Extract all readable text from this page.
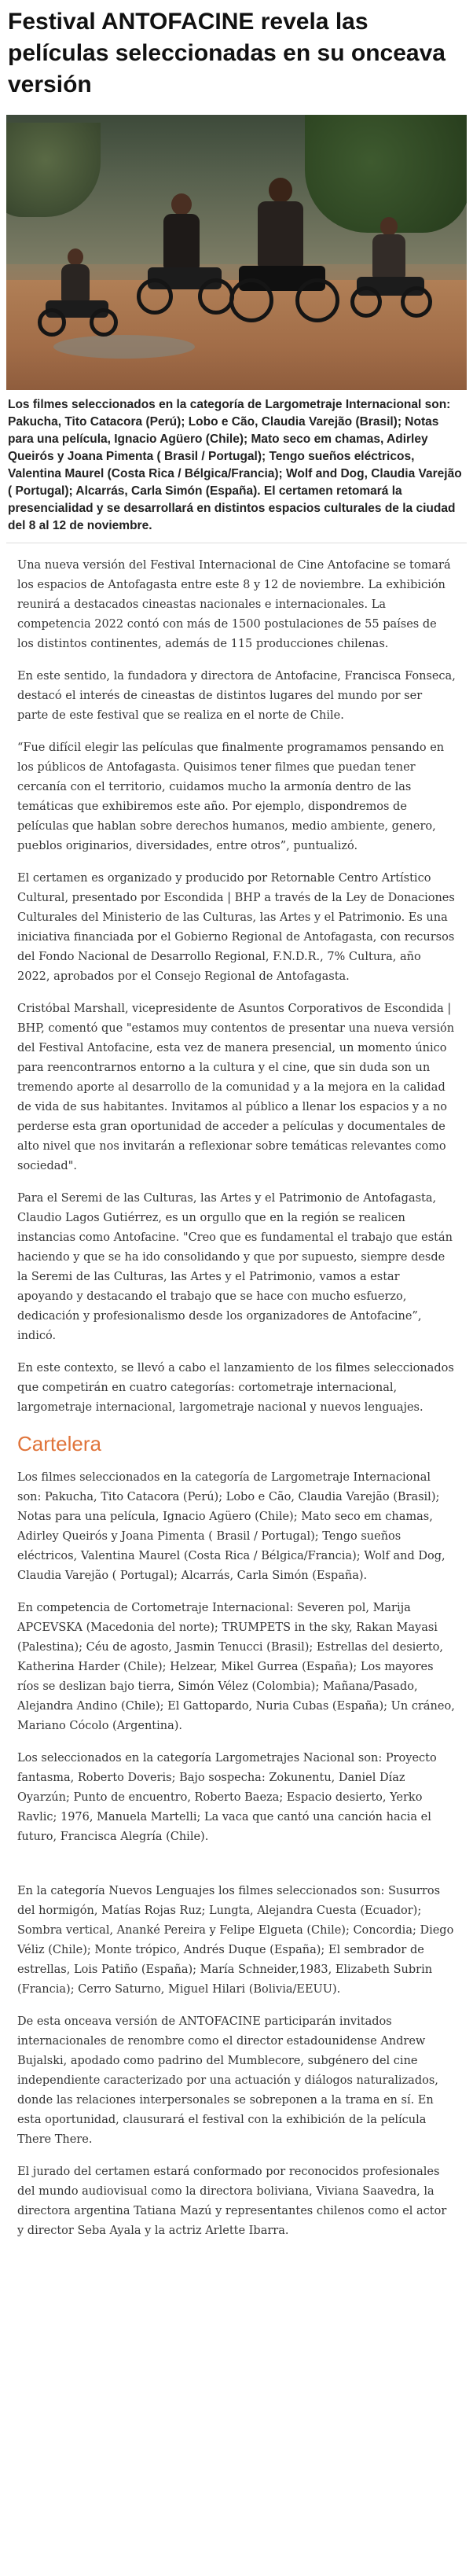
Festival ANTOFACINE revela las películas seleccionadas en su onceava versión

Los filmes seleccionados en la categoría de Largometraje Internacional son: Pakucha, Tito Catacora (Perú); Lobo e Cão, Claudia Varejão (Brasil); Notas para una película, Ignacio Agüero (Chile); Mato seco em chamas, Adirley Queirós y Joana Pimenta ( Brasil / Portugal); Tengo sueños eléctricos, Valentina Maurel (Costa Rica / Bélgica/Francia); Wolf and Dog, Claudia Varejão ( Portugal); Alcarrás, Carla Simón (España). El certamen retomará la presencialidad y se desarrollará en distintos espacios culturales de la ciudad del 8 al 12 de noviembre.

Una nueva versión del Festival Internacional de Cine Antofacine se tomará los espacios de Antofagasta entre este 8 y 12 de noviembre. La exhibición reunirá a destacados cineastas nacionales e internacionales. La competencia 2022 contó con más de 1500 postulaciones de 55 países de los distintos continentes, además de 115 producciones chilenas.

En este sentido, la fundadora y directora de Antofacine, Francisca Fonseca, destacó el interés de cineastas de distintos lugares del mundo por ser parte de este festival que se realiza en el norte de Chile.

“Fue difícil elegir las películas que finalmente programamos pensando en los públicos de Antofagasta. Quisimos tener filmes que puedan tener cercanía con el territorio, cuidamos mucho la armonía dentro de las temáticas que exhibiremos este año. Por ejemplo, dispondremos de películas que hablan sobre derechos humanos, medio ambiente, genero, pueblos originarios, diversidades, entre otros”, puntualizó.

El certamen es organizado y producido por Retornable Centro Artístico Cultural, presentado por Escondida | BHP a través de la Ley de Donaciones Culturales del Ministerio de las Culturas, las Artes y el Patrimonio. Es una iniciativa financiada por el Gobierno Regional de Antofagasta, con recursos del Fondo Nacional de Desarrollo Regional, F.N.D.R., 7% Cultura, año 2022, aprobados por el Consejo Regional de Antofagasta.

Cristóbal Marshall, vicepresidente de Asuntos Corporativos de Escondida | BHP, comentó que "estamos muy contentos de presentar una nueva versión del Festival Antofacine, esta vez de manera presencial, un momento único para reencontrarnos entorno a la cultura y el cine, que sin duda son un tremendo aporte al desarrollo de la comunidad y a la mejora en la calidad de vida de sus habitantes. Invitamos al público a llenar los espacios y a no perderse esta gran oportunidad de acceder a películas y documentales de alto nivel que nos invitarán a reflexionar sobre temáticas relevantes como sociedad".

Para el Seremi de las Culturas, las Artes y el Patrimonio de Antofagasta, Claudio Lagos Gutiérrez, es un orgullo que en la región se realicen instancias como Antofacine. "Creo que es fundamental el trabajo que están haciendo y que se ha ido consolidando y que por supuesto, siempre desde la Seremi de las Culturas, las Artes y el Patrimonio, vamos a estar apoyando y destacando el trabajo que se hace con mucho esfuerzo, dedicación y profesionalismo desde los organizadores de Antofacine”, indicó.

En este contexto, se llevó a cabo el lanzamiento de los filmes seleccionados que competirán en cuatro categorías: cortometraje internacional, largometraje internacional, largometraje nacional y nuevos lenguajes.

Cartelera

Los filmes seleccionados en la categoría de Largometraje Internacional son: Pakucha, Tito Catacora (Perú); Lobo e Cão, Claudia Varejão (Brasil); Notas para una película, Ignacio Agüero (Chile); Mato seco em chamas, Adirley Queirós y Joana Pimenta ( Brasil / Portugal); Tengo sueños eléctricos, Valentina Maurel (Costa Rica / Bélgica/Francia); Wolf and Dog, Claudia Varejão ( Portugal); Alcarrás, Carla Simón (España).

En competencia de Cortometraje Internacional: Severen pol, Marija APCEVSKA (Macedonia del norte); TRUMPETS in the sky, Rakan Mayasi (Palestina); Céu de agosto, Jasmin Tenucci (Brasil); Estrellas del desierto, Katherina Harder (Chile); Helzear, Mikel Gurrea (España); Los mayores ríos se deslizan bajo tierra, Simón Vélez (Colombia); Mañana/Pasado, Alejandra Andino (Chile); El Gattopardo, Nuria Cubas (España); Un cráneo, Mariano Cócolo (Argentina).

Los seleccionados en la categoría Largometrajes Nacional son: Proyecto fantasma, Roberto Doveris; Bajo sospecha: Zokunentu, Daniel Díaz Oyarzún; Punto de encuentro, Roberto Baeza; Espacio desierto, Yerko Ravlic; 1976, Manuela Martelli; La vaca que cantó una canción hacia el futuro, Francisca Alegría (Chile).

En la categoría Nuevos Lenguajes los filmes seleccionados son: Susurros del hormigón, Matías Rojas Ruz; Lungta, Alejandra Cuesta (Ecuador); Sombra vertical, Ananké Pereira y Felipe Elgueta (Chile); Concordia; Diego Véliz (Chile); Monte trópico, Andrés Duque (España); El sembrador de estrellas, Lois Patiño (España); María Schneider,1983, Elizabeth Subrin (Francia); Cerro Saturno, Miguel Hilari (Bolivia/EEUU).

De esta onceava versión de ANTOFACINE participarán invitados internacionales de renombre como el director estadounidense Andrew Bujalski, apodado como padrino del Mumblecore, subgénero del cine independiente caracterizado por una actuación y diálogos naturalizados, donde las relaciones interpersonales se sobreponen a la trama en sí. En esta oportunidad, clausurará el festival con la exhibición de la película There There.

El jurado del certamen estará conformado por reconocidos profesionales del mundo audiovisual como la directora boliviana, Viviana Saavedra, la directora argentina Tatiana Mazú y representantes chilenos como el actor y director Seba Ayala y la actriz Arlette Ibarra.
